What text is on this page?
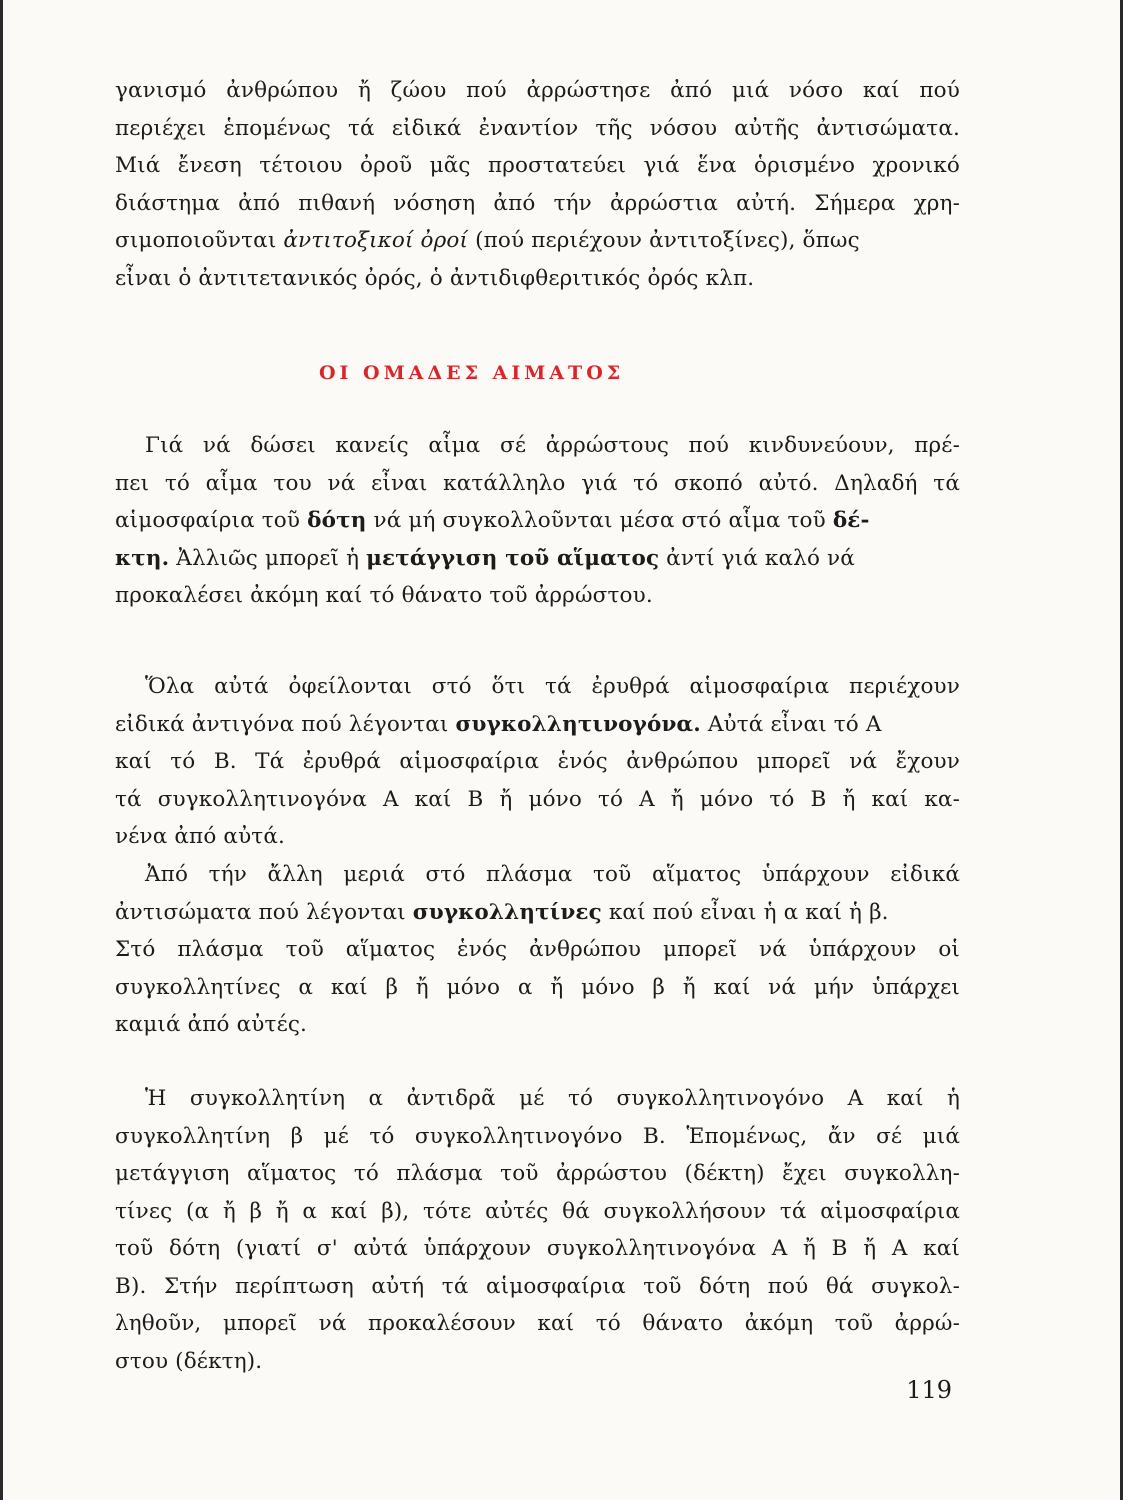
γανισμό ἀνθρώπου ἤ ζώου πού ἀρρώστησε ἀπό μιά νόσο καί πού
περιέχει ἑπομένως τά εἰδικά ἐναντίον τῆς νόσου αὐτῆς ἀντισώματα.
Μιά ἔνεση τέτοιου ὀροῦ μᾶς προστατεύει γιά ἕνα ὁρισμένο χρονικό
διάστημα ἀπό πιθανή νόσηση ἀπό τήν ἀρρώστια αὐτή. Σήμερα χρη-
σιμοποιοῦνται ἀντιτοξικοί ὀροί (πού περιέχουν ἀντιτοξίνες), ὅπως
εἶναι ὁ ἀντιτετανικός ὀρός, ὁ ἀντιδιφθεριτικός ὀρός κλπ.
ΟΙ ΟΜΑΔΕΣ ΑΙΜΑΤΟΣ
Γιά νά δώσει κανείς αἷμα σέ ἀρρώστους πού κινδυνεύουν, πρέ-
πει τό αἷμα του νά εἶναι κατάλληλο γιά τό σκοπό αὐτό. Δηλαδή τά
αἱμοσφαίρια τοῦ δότη νά μή συγκολλοῦνται μέσα στό αἷμα τοῦ δέ-
κτη. Ἀλλιῶς μπορεῖ ἡ μετάγγιση τοῦ αἵματος ἀντί γιά καλό νά
προκαλέσει ἀκόμη καί τό θάνατο τοῦ ἀρρώστου.
Ὅλα αὐτά ὀφείλονται στό ὅτι τά ἐρυθρά αἱμοσφαίρια περιέχουν
εἰδικά ἀντιγόνα πού λέγονται συγκολλητινογόνα. Αὐτά εἶναι τό Α
καί τό Β. Τά ἐρυθρά αἱμοσφαίρια ἑνός ἀνθρώπου μπορεῖ νά ἔχουν
τά συγκολλητινογόνα Α καί Β ἤ μόνο τό Α ἤ μόνο τό Β ἤ καί κα-
νένα ἀπό αὐτά.
Ἀπό τήν ἄλλη μεριά στό πλάσμα τοῦ αἵματος ὑπάρχουν εἰδικά
ἀντισώματα πού λέγονται συγκολλητίνες καί πού εἶναι ἡ α καί ἡ β.
Στό πλάσμα τοῦ αἵματος ἑνός ἀνθρώπου μπορεῖ νά ὑπάρχουν οἱ
συγκολλητίνες α καί β ἤ μόνο α ἤ μόνο β ἤ καί νά μήν ὑπάρχει
καμιά ἀπό αὐτές.
Ἡ συγκολλητίνη α ἀντιδρᾶ μέ τό συγκολλητινογόνο Α καί ἡ
συγκολλητίνη β μέ τό συγκολλητινογόνο Β. Ἑπομένως, ἄν σέ μιά
μετάγγιση αἵματος τό πλάσμα τοῦ ἀρρώστου (δέκτη) ἔχει συγκολλη-
τίνες (α ἤ β ἤ α καί β), τότε αὐτές θά συγκολλήσουν τά αἱμοσφαίρια
τοῦ δότη (γιατί σ' αὐτά ὑπάρχουν συγκολλητινογόνα Α ἤ Β ἤ Α καί
Β). Στήν περίπτωση αὐτή τά αἱμοσφαίρια τοῦ δότη πού θά συγκολ-
ληθοῦν, μπορεῖ νά προκαλέσουν καί τό θάνατο ἀκόμη τοῦ ἀρρώ-
στου (δέκτη).
119
